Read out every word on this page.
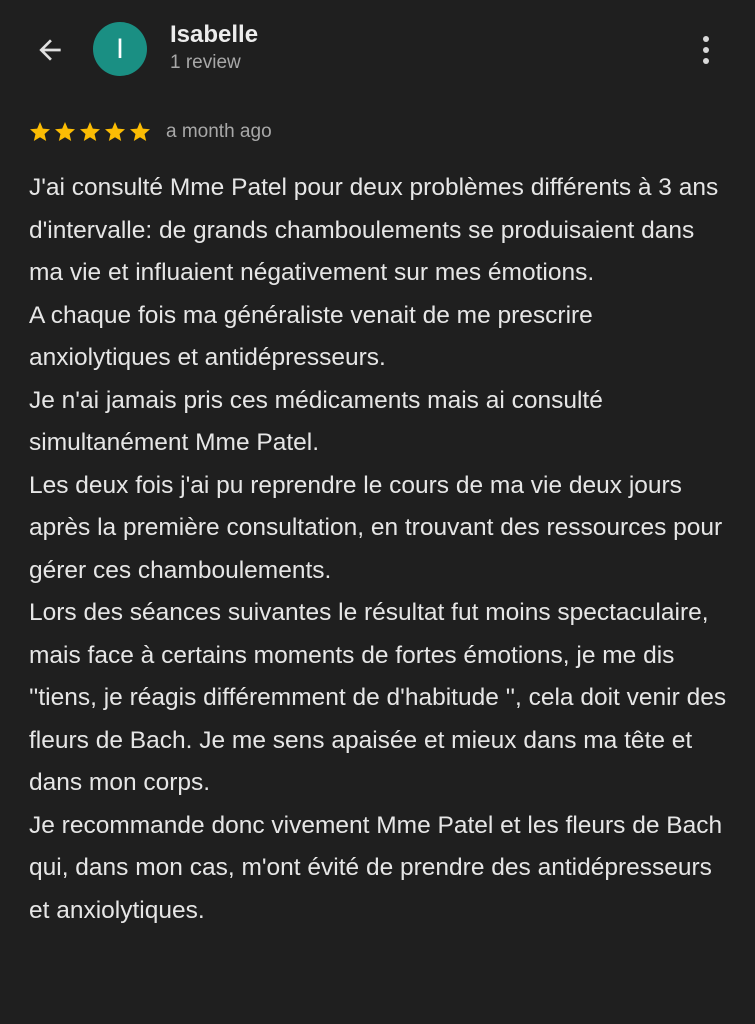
I Isabelle
1 review
a month ago

J'ai consulté Mme Patel pour deux problèmes différents à 3 ans d'intervalle: de grands chamboulements se produisaient dans ma vie et influaient négativement sur mes émotions.

A chaque fois ma généraliste venait de me prescrire anxiolytiques et antidépresseurs.

Je n'ai jamais pris ces médicaments mais ai consulté simultanément Mme Patel.

Les deux fois j'ai pu reprendre le cours de ma vie deux jours après la première consultation, en trouvant des ressources pour gérer ces chamboulements.

Lors des séances suivantes le résultat fut moins spectaculaire, mais face à certains moments de fortes émotions, je me dis ''tiens, je réagis différemment de d'habitude '', cela doit venir des fleurs de Bach. Je me sens apaisée et mieux dans ma tête et dans mon corps.

Je recommande donc vivement Mme Patel et les fleurs de Bach qui, dans mon cas, m'ont évité de prendre des antidépresseurs et anxiolytiques.
